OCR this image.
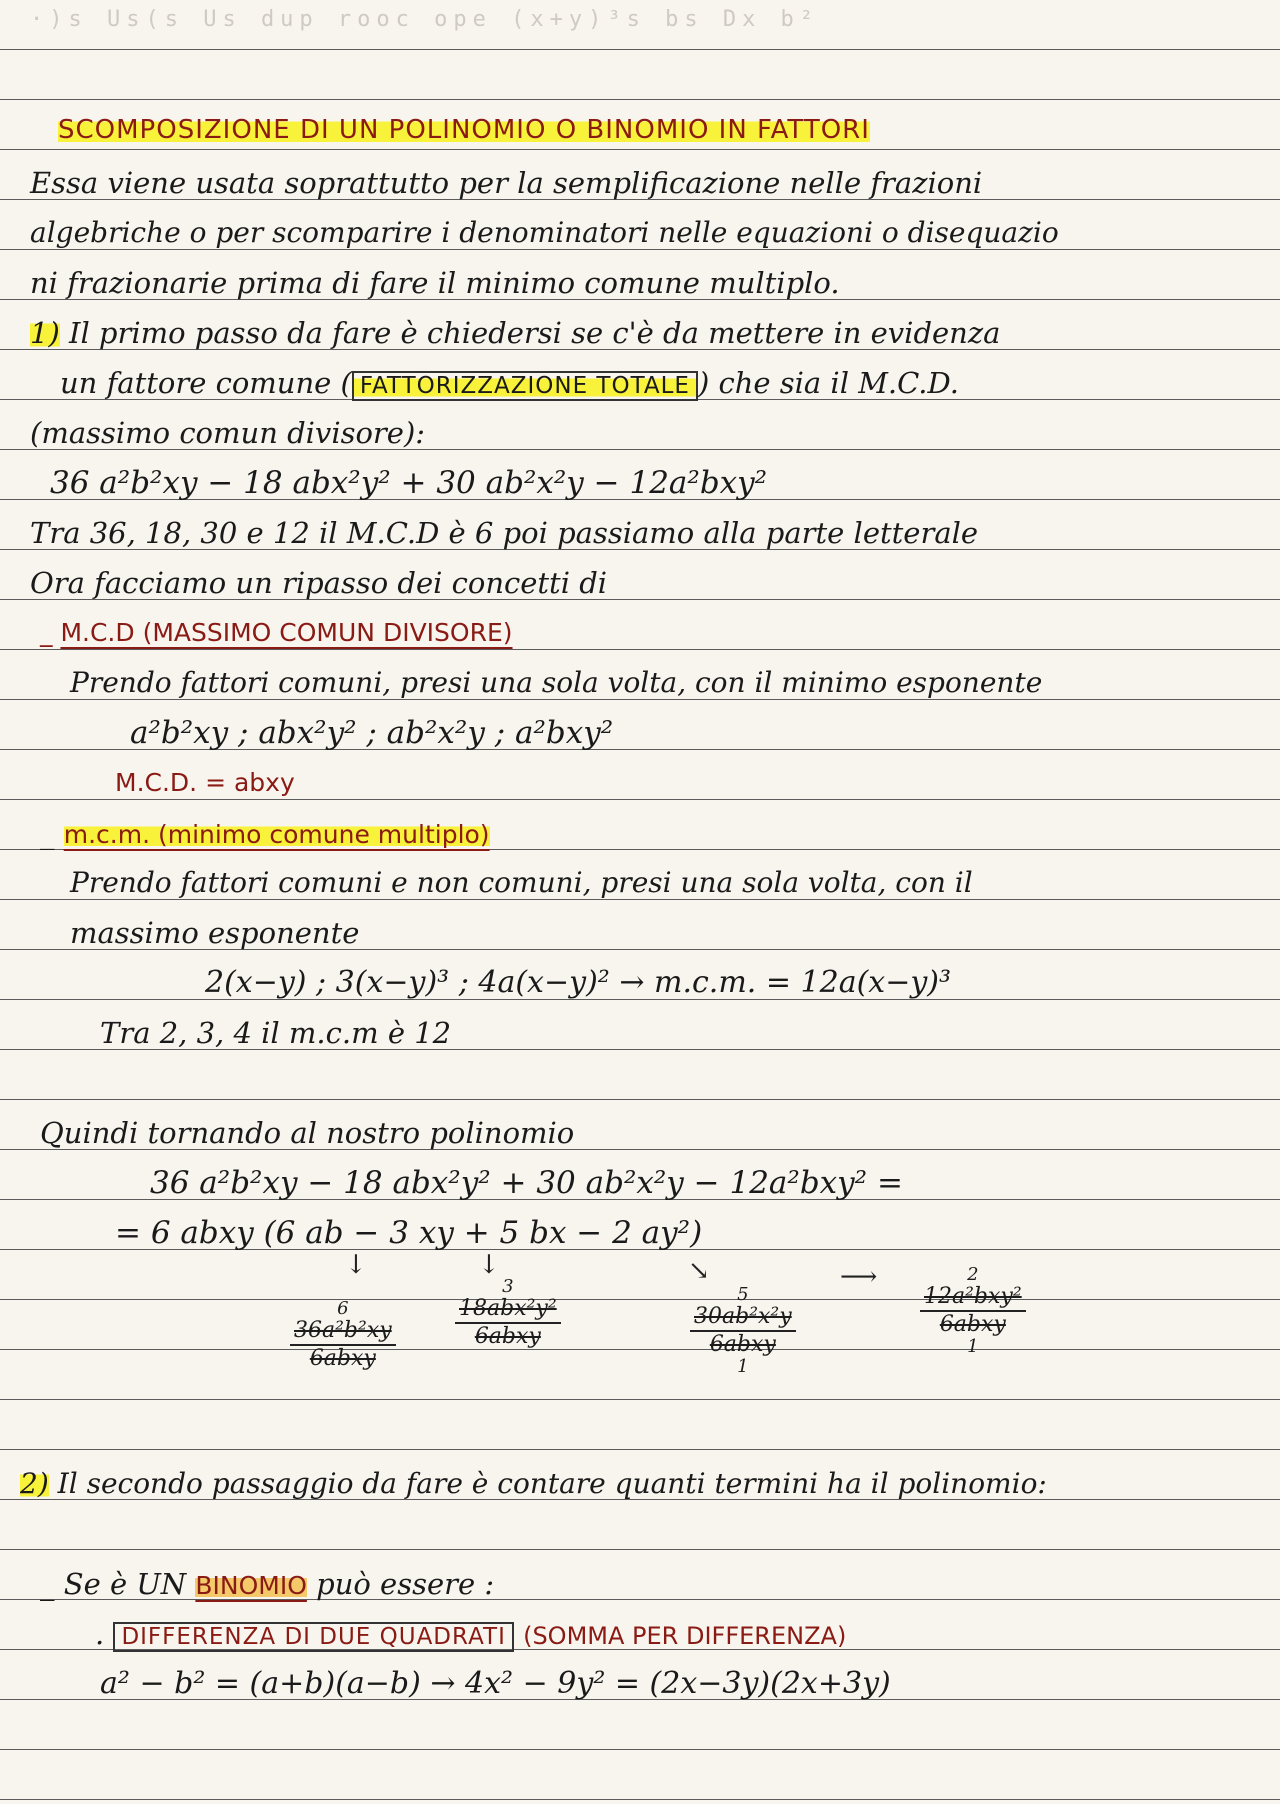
·)s Us(s Us dup rooc ope (x+y)³s bs Dx b²
SCOMPOSIZIONE DI UN POLINOMIO O BINOMIO IN FATTORI
Essa viene usata soprattutto per la semplificazione nelle frazioni
algebriche o per scomparire i denominatori nelle equazioni o disequazio
ni frazionarie prima di fare il minimo comune multiplo.
1) Il primo passo da fare è chiedersi se c'è da mettere in evidenza
un fattore comune ( FATTORIZZAZIONE TOTALE ) che sia il M.C.D.
(massimo comun divisore):
36 a²b²xy − 18 abx²y² + 30 ab²x²y − 12a²bxy²
Tra 36, 18, 30 e 12 il M.C.D è 6 poi passiamo alla parte letterale
Ora facciamo un ripasso dei concetti di
_ M.C.D (MASSIMO COMUN DIVISORE)
Prendo fattori comuni, presi una sola volta, con il minimo esponente
a²b²xy ; abx²y² ; ab²x²y ; a²bxy²
M.C.D. = abxy
_ m.c.m. (minimo comune multiplo)
Prendo fattori comuni e non comuni, presi una sola volta, con il
massimo esponente
2(x−y) ; 3(x−y)³ ; 4a(x−y)² → m.c.m. = 12a(x−y)³
Tra 2, 3, 4 il m.c.m è 12
Quindi tornando al nostro polinomio
36 a²b²xy − 18 abx²y² + 30 ab²x²y − 12a²bxy² =
= 6 abxy (6 ab − 3 xy + 5 bx − 2 ay²)
↓	↓	↘	⟶
6
36a²b²xy
6abxy
3
18abx²y²
6abxy
5
30ab²x²y
6abxy
1
2
12a²bxy²
6abxy
1
2) Il secondo passaggio da fare è contare quanti termini ha il polinomio:
_ Se è UN BINOMIO può essere :
. DIFFERENZA DI DUE QUADRATI (SOMMA PER DIFFERENZA)
a² − b² = (a+b)(a−b) → 4x² − 9y² = (2x−3y)(2x+3y)
